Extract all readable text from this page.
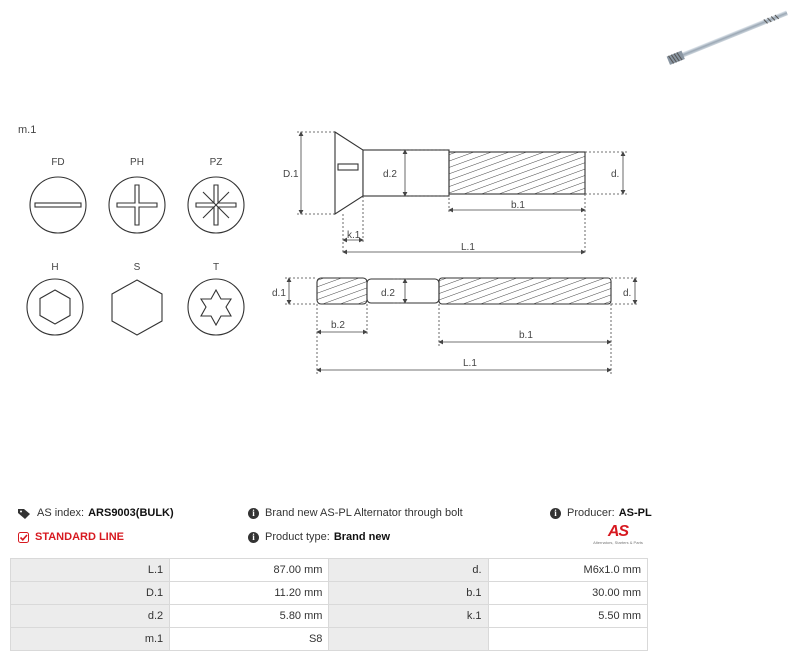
m.1
FD	PH	PZ
H	S	T
D.1	d.2	d.
b.1
k.1
L.1
d.1	d.2	d.
b.2
b.1
L.1
AS index: ARS9003(BULK)	i Brand new AS-PL Alternator through bolt	i Producer: AS-PL
STANDARD LINE	i Product type: Brand new	AS
Alternators, Starters & Parts
L.1	87.00 mm	d.	M6x1.0 mm
D.1	11.20 mm	b.1	30.00 mm
d.2	5.80 mm	k.1	5.50 mm
m.1	S8		
